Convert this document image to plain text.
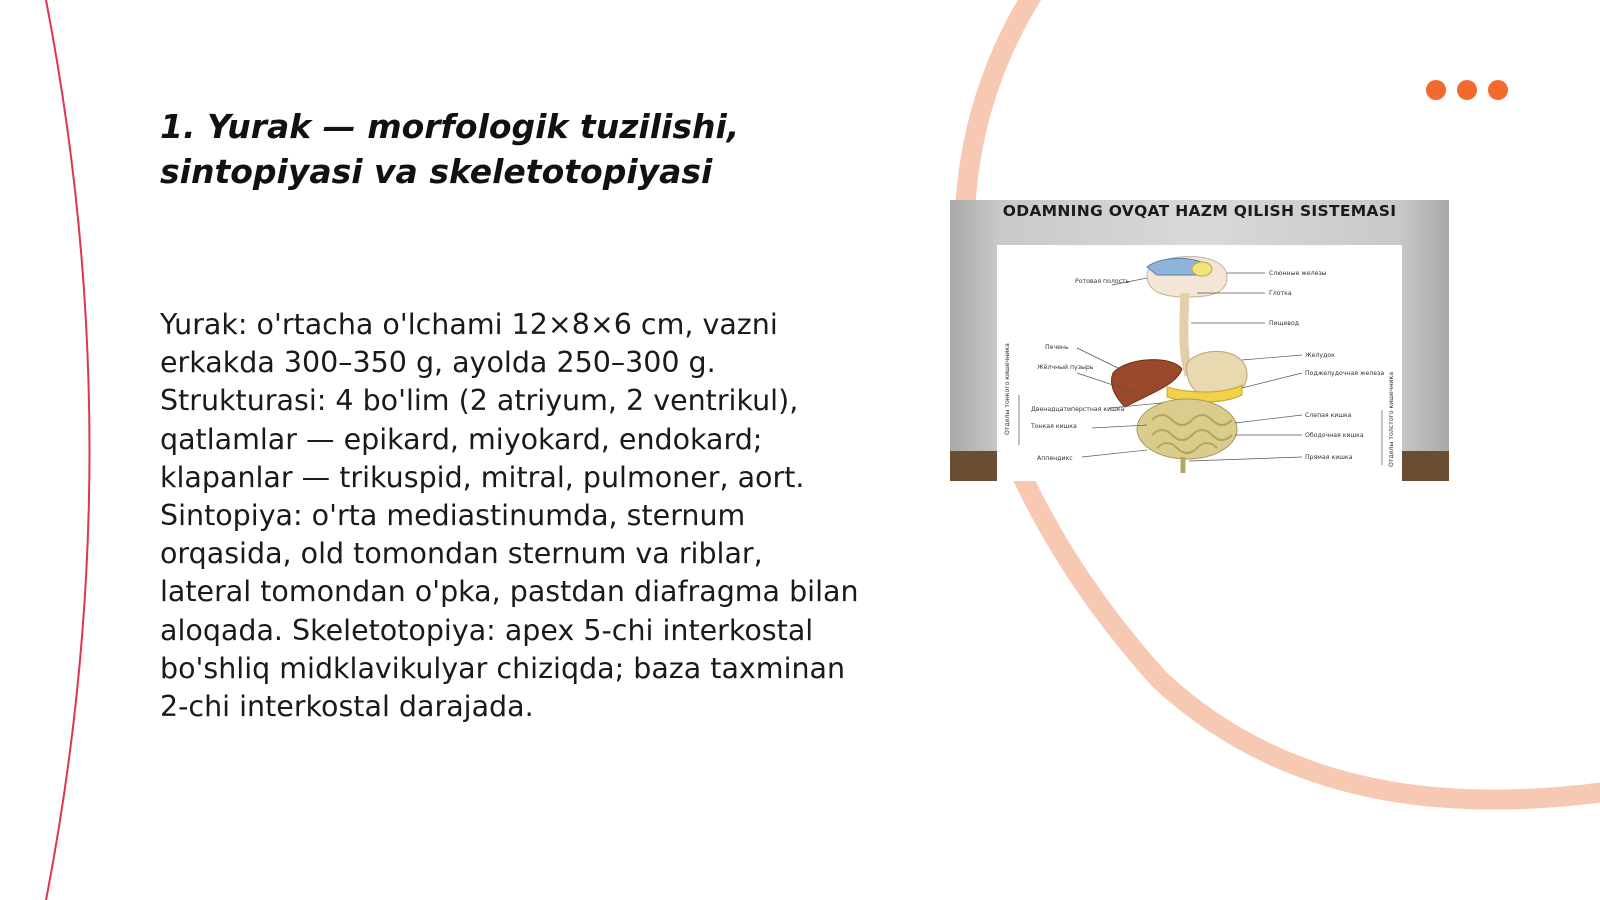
1. Yurak — morfologik tuzilishi, sintopiyasi va skeletotopiyasi

Yurak: o'rtacha o'lchami 12×8×6 cm, vazni erkakda 300–350 g, ayolda 250–300 g. Strukturasi: 4 bo'lim (2 atriyum, 2 ventrikul), qatlamlar — epikard, miyokard, endokard; klapanlar — trikuspid, mitral, pulmoner, aort. Sintopiya: o'rta mediastinumda, sternum orqasida, old tomondan sternum va riblar, lateral tomondan o'pka, pastdan diafragma bilan aloqada. Skeletotopiya: apex 5-chi interkostal bo'shliq midklavikulyar chiziqda; baza taxminan 2-chi interkostal darajada.

ODAMNING OVQAT HAZM QILISH SISTEMASI
Ротовая полость
Печень
Жёлчный пузырь
Двенадцатиперстная кишка
Тонкая кишка
Аппендикс
Отделы тонкого кишечника
Слюнные железы
Глотка
Пищевод
Желудок
Поджелудочная железа
Слепая кишка
Ободочная кишка
Прямая кишка	Отделы толстого кишечника
